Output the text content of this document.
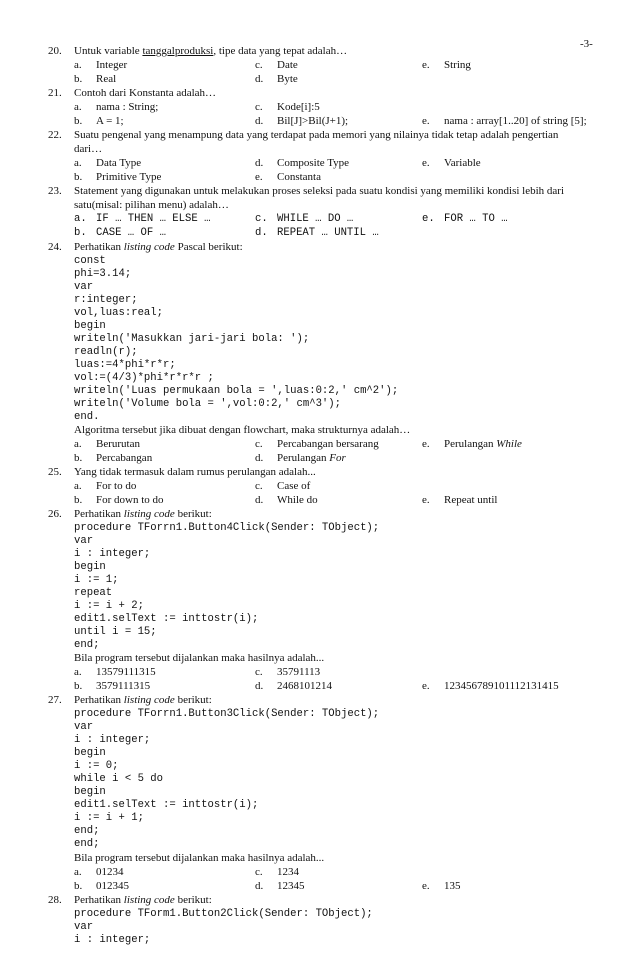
-3-
20. Untuk variable tanggalproduksi, tipe data yang tepat adalah…
a. Integer	c. Date	e. String
b. Real	d. Byte
21. Contoh dari Konstanta adalah…
a. nama : String;	c. Kode[i]:5
b. A = 1;	d. Bil[J]>Bil(J+1);	e. nama : array[1..20] of string [5];
22. Suatu pengenal yang menampung data yang terdapat pada memori yang nilainya tidak tetap adalah pengertian
dari…
a. Data Type	d. Composite Type	e. Variable
b. Primitive Type	e. Constanta
23. Statement yang digunakan untuk melakukan proses seleksi pada suatu kondisi yang memiliki kondisi lebih dari
satu(misal: pilihan menu) adalah…
a. IF … THEN … ELSE …	c. WHILE … DO …	e. FOR … TO …
b. CASE … OF …	d. REPEAT … UNTIL …
24. Perhatikan listing code Pascal berikut:
const
phi=3.14;
var
r:integer;
vol,luas:real;
begin
writeln('Masukkan jari-jari bola: ');
readln(r);
luas:=4*phi*r*r;
vol:=(4/3)*phi*r*r*r ;
writeln('Luas permukaan bola = ',luas:0:2,' cm^2');
writeln('Volume bola = ',vol:0:2,' cm^3');
end.
Algoritma tersebut jika dibuat dengan flowchart, maka strukturnya adalah…
a. Berurutan	c. Percabangan bersarang	e. Perulangan While
b. Percabangan	d. Perulangan For
25. Yang tidak termasuk dalam rumus perulangan adalah...
a. For to do	c. Case of
b. For down to do	d. While do	e. Repeat until
26. Perhatikan listing code berikut:
procedure TForrn1.Button4Click(Sender: TObject);
var
i : integer;
begin
i := 1;
repeat
i := i + 2;
edit1.selText := inttostr(i);
until i = 15;
end;
Bila program tersebut dijalankan maka hasilnya adalah...
a. 13579111315	c. 35791113
b. 3579111315	d. 2468101214	e. 123456789101112131415
27. Perhatikan listing code berikut:
procedure TForrn1.Button3Click(Sender: TObject);
var
i : integer;
begin
i := 0;
while i < 5 do
begin
edit1.selText := inttostr(i);
i := i + 1;
end;
end;
Bila program tersebut dijalankan maka hasilnya adalah...
a. 01234	c. 1234
b. 012345	d. 12345	e. 135
28. Perhatikan listing code berikut:
procedure TForm1.Button2Click(Sender: TObject);
var
i : integer;
